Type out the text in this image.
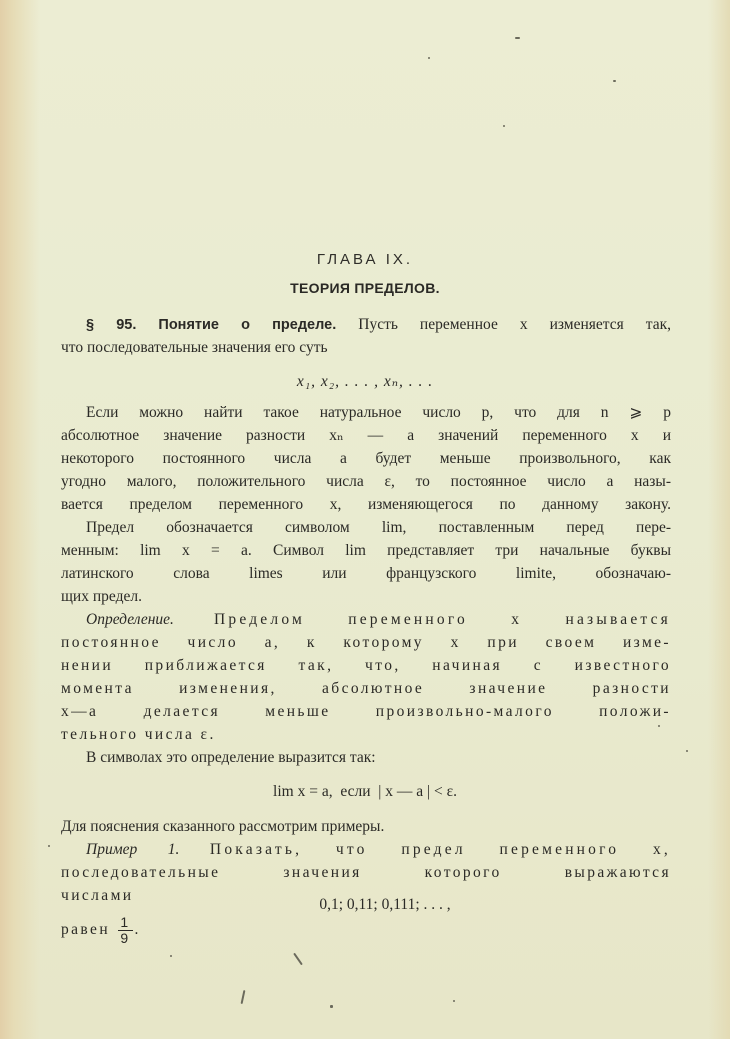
ГЛАВА IX.
ТЕОРИЯ ПРЕДЕЛОВ.
§ 95. Понятие о пределе. Пусть переменное x изменяется так,
что последовательные значения его суть
x₁, x₂, . . . , xₙ, . . .
Если можно найти такое натуральное число p, что для n ⩾ p
абсолютное значение разности xₙ — a значений переменного x и
некоторого постоянного числа a будет меньше произвольного, как
угодно малого, положительного числа ε, то постоянное число a назы-
вается пределом переменного x, изменяющегося по данному закону.
Предел обозначается символом lim, поставленным перед пере-
менным: lim x = a. Символ lim представляет три начальные буквы
латинского слова limes или французского limite, обозначаю-
щих предел.
Определение.	Пределом переменного x называется
постоянное число a, к которому x при своем изме-
нении приближается так, что, начиная с известного
момента изменения, абсолютное значение разности
x—a делается меньше произвольно-малого положи-
тельного числа ε.
В символах это определение выразится так:
lim x = a,  если  | x — a | < ε.
Для пояснения сказанного рассмотрим примеры.
Пример 1. Показать, что предел переменного x,
последовательные значения которого выражаются
числами
0,1; 0,11; 0,111; . . . ,
равен $\frac{1}{9}$ .
